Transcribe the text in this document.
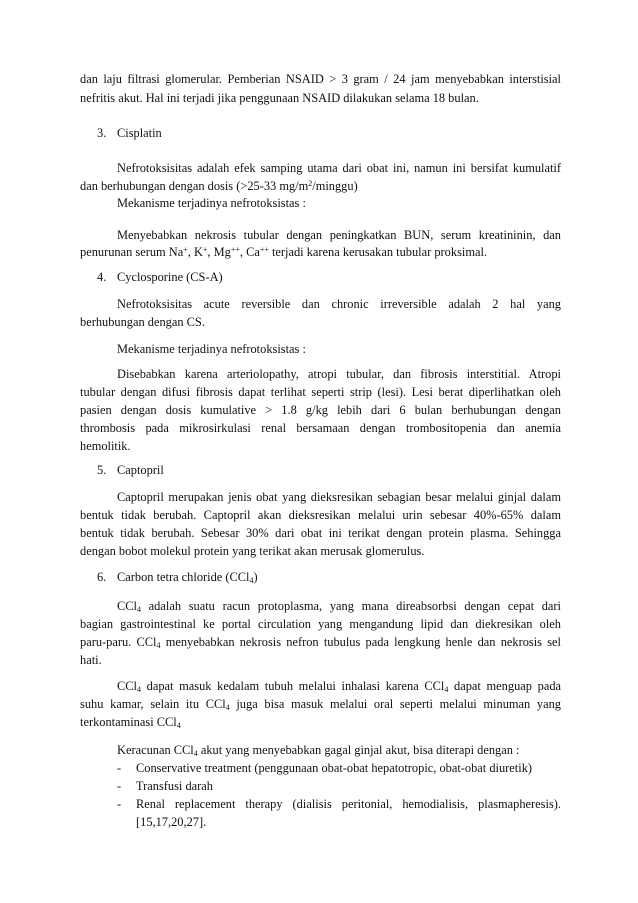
dan laju filtrasi glomerular. Pemberian NSAID > 3 gram / 24 jam menyebabkan interstisial
nefritis akut. Hal ini terjadi jika penggunaan NSAID dilakukan selama 18 bulan.
3. Cisplatin
Nefrotoksisitas adalah efek samping utama dari obat ini, namun ini bersifat kumulatif
dan berhubungan dengan dosis (>25-33 $mg/m^2/minggu$)
Mekanisme terjadinya nefrotoksistas :
Menyebabkan nekrosis tubular dengan peningkatkan BUN, serum kreatininin, dan
penurunan serum Na+, K+, Mg++, Ca++ terjadi karena kerusakan tubular proksimal.
4. Cyclosporine (CS-A)
Nefrotoksisitas acute reversible dan chronic irreversible adalah 2 hal yang
berhubungan dengan CS.
Mekanisme terjadinya nefrotoksistas :
Disebabkan karena arteriolopathy, atropi tubular, dan fibrosis interstitial. Atropi
tubular dengan difusi fibrosis dapat terlihat seperti strip (lesi). Lesi berat diperlihatkan oleh
pasien dengan dosis kumulative > 1.8 g/kg lebih dari 6 bulan berhubungan dengan
thrombosis pada mikrosirkulasi renal bersamaan dengan trombositopenia dan anemia
hemolitik.
5. Captopril
Captopril merupakan jenis obat yang dieksresikan sebagian besar melalui ginjal dalam
bentuk tidak berubah. Captopril akan dieksresikan melalui urin sebesar 40%-65% dalam
bentuk tidak berubah. Sebesar 30% dari obat ini terikat dengan protein plasma. Sehingga
dengan bobot molekul protein yang terikat akan merusak glomerulus.
6. Carbon tetra chloride (CCl$_4$)
CCl$_4$ adalah suatu racun protoplasma, yang mana direabsorbsi dengan cepat dari
bagian gastrointestinal ke portal circulation yang mengandung lipid dan diekresikan oleh
paru-paru. CCl$_4$ menyebabkan nekrosis nefron tubulus pada lengkung henle dan nekrosis sel
hati.
CCl$_4$ dapat masuk kedalam tubuh melalui inhalasi karena CCl$_4$ dapat menguap pada
suhu kamar, selain itu CCl$_4$ juga bisa masuk melalui oral seperti melalui minuman yang
terkontaminasi CCl$_4$
Keracunan CCl$_4$ akut yang menyebabkan gagal ginjal akut, bisa diterapi dengan :
-	Conservative treatment (penggunaan obat-obat hepatotropic, obat-obat diuretik)
-	Transfusi darah
-	Renal replacement therapy (dialisis peritonial, hemodialisis, plasmapheresis).
[15,17,20,27].
